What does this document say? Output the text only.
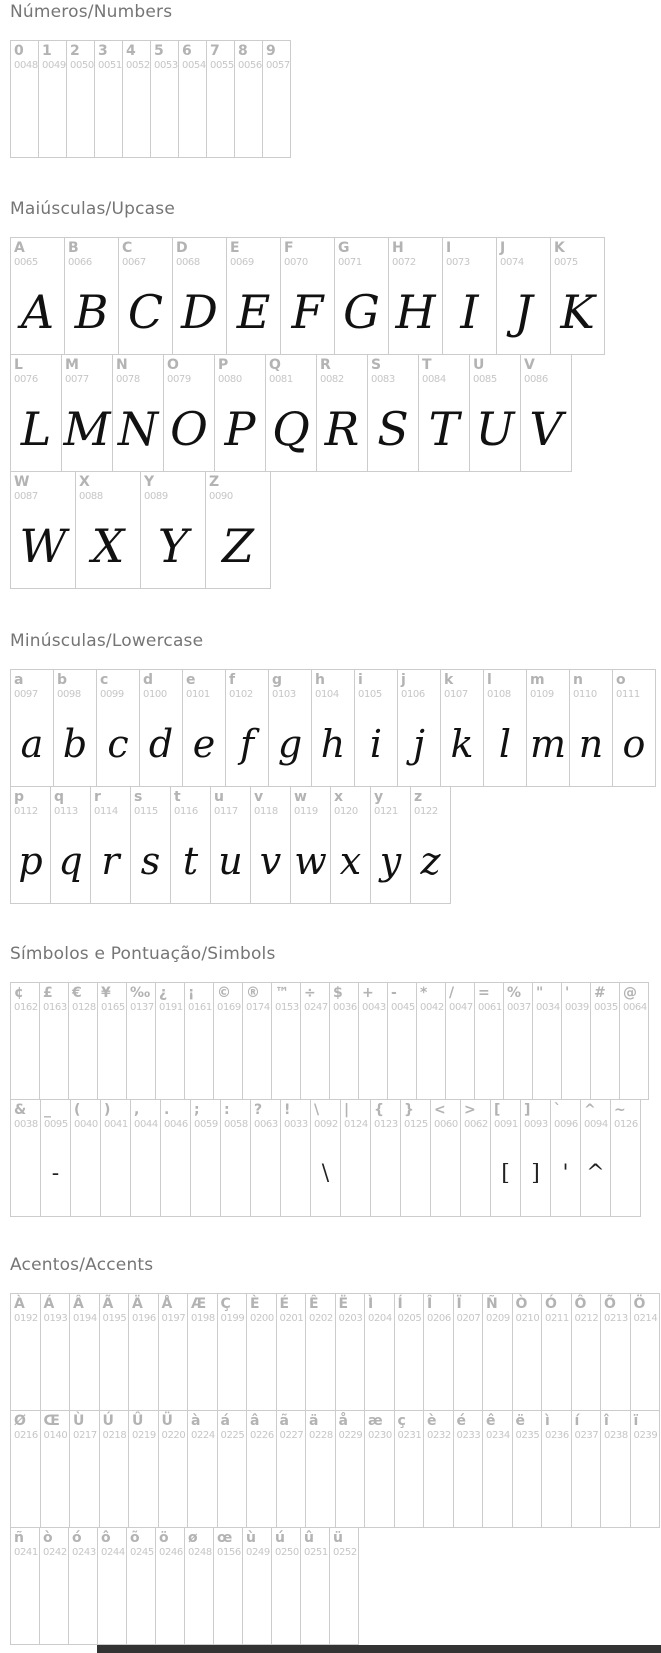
Números/Numbers
0
0048
1
0049
2
0050
3
0051
4
0052
5
0053
6
0054
7
0055
8
0056
9
0057
Maiúsculas/Upcase
A
0065
A
B
0066
B
C
0067
C
D
0068
D
E
0069
E
F
0070
F
G
0071
G
H
0072
H
I
0073
I
J
0074
J
K
0075
K
L
0076
L
M
0077
M
N
0078
N
O
0079
O
P
0080
P
Q
0081
Q
R
0082
R
S
0083
S
T
0084
T
U
0085
U
V
0086
V
W
0087
W
X
0088
X
Y
0089
Y
Z
0090
Z
Minúsculas/Lowercase
a
0097
a
b
0098
b
c
0099
c
d
0100
d
e
0101
e
f
0102
f
g
0103
g
h
0104
h
i
0105
i
j
0106
j
k
0107
k
l
0108
l
m
0109
m
n
0110
n
o
0111
o
p
0112
p
q
0113
q
r
0114
r
s
0115
s
t
0116
t
u
0117
u
v
0118
v
w
0119
w
x
0120
x
y
0121
y
z
0122
z
Símbolos e Pontuação/Simbols
¢
0162
£
0163
€
0128
¥
0165
‰
0137
¿
0191
¡
0161
©
0169
®
0174
™
0153
÷
0247
$
0036
+
0043
-
0045
*
0042
/
0047
=
0061
%
0037
"
0034
'
0039
#
0035
@
0064
&
0038
_
0095
-
(
0040
)
0041
,
0044
.
0046
;
0059
:
0058
?
0063
!
0033
\
0092
\
|
0124
{
0123
}
0125
<
0060
>
0062
[
0091
[
]
0093
]
`
0096
'
^
0094
^
~
0126
Acentos/Accents
À
0192
Á
0193
Â
0194
Ã
0195
Ä
0196
Å
0197
Æ
0198
Ç
0199
È
0200
É
0201
Ê
0202
Ë
0203
Ì
0204
Í
0205
Î
0206
Ï
0207
Ñ
0209
Ò
0210
Ó
0211
Ô
0212
Õ
0213
Ö
0214
Ø
0216
Œ
0140
Ù
0217
Ú
0218
Û
0219
Ü
0220
à
0224
á
0225
â
0226
ã
0227
ä
0228
å
0229
æ
0230
ç
0231
è
0232
é
0233
ê
0234
ë
0235
ì
0236
í
0237
î
0238
ï
0239
ñ
0241
ò
0242
ó
0243
ô
0244
õ
0245
ö
0246
ø
0248
œ
0156
ù
0249
ú
0250
û
0251
ü
0252
